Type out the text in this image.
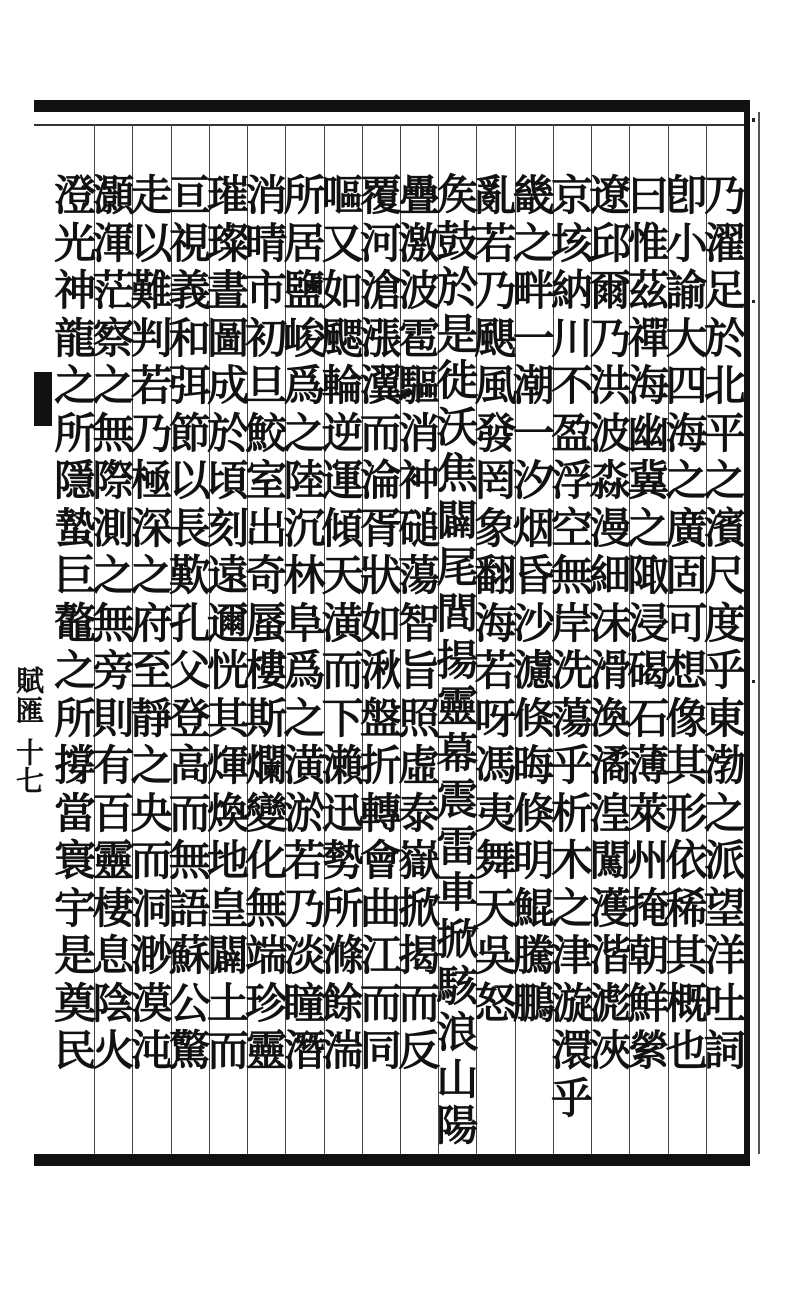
賦匯
十七
乃
濯
足
於
北
平
之
濱
尺
度
乎
東
渤
之
派
望
洋
吐
詞
卽
小
諭
大
四
海
之
廣
固
可
想
像
其
形
依
稀
其
概
也
曰
惟
茲
禪
海
幽
冀
之
陬
浸
碣
石
薄
萊
州
掩
朝
鮮
縈
遼
邱
爾
乃
洪
波
淼
漫
細
沫
滑
渙
潏
湟
闖
濩
湝
滮
浹
京
垓
納
川
不
盈
浮
空
無
岸
洗
蕩
乎
析
木
之
津
漩
澴
乎
畿
之
畔
一
潮
一
汐
烟
昏
沙
濾
倏
晦
倏
明
鯤
騰
鵬
亂
若
乃
颶
風
發
罔
象
翻
海
若
呀
馮
夷
舞
天
吳
怒
矦
鼓
於
是
徙
沃
焦
闢
尾
閭
揚
靈
幕
震
雷
車
掀
駭
浪
山
陽
疊
激
波
雹
驅
消
衶
磓
蕩
智
旨
照
虛
泰
嶽
掀
揭
而
反
覆
河
滄
漲
瀷
而
淪
胥
狀
如
湫
盤
折
轉
會
曲
江
而
同
嘔
又
如
颸
輪
逆
運
傾
天
潢
而
下
瀨
迅
勢
所
滌
餘
湍
所
居
鹽
峻
爲
之
陸
沉
林
阜
爲
之
潢
淤
若
乃
淡
瞳
潛
消
晴
市
初
旦
鮫
室
出
奇
蜃
樓
斯
爛
變
化
無
端
珍
靈
璀
璨
晝
圖
成
於
頃
刻
遠
邇
恍
其
煇
煥
地
皇
闢
土
而
亘
視
義
和
弭
節
以
長
歎
孔
父
登
高
而
無
語
蘇
公
驚
走
以
難
判
若
乃
極
深
之
府
至
靜
之
央
而
洞
渺
漠
沌
灝
渾
茫
察
之
無
際
測
之
無
旁
則
有
百
靈
棲
息
陰
火
澄
光
神
龍
之
所
隱
蟄
巨
鼇
之
所
撐
當
寰
宇
是
奠
民
